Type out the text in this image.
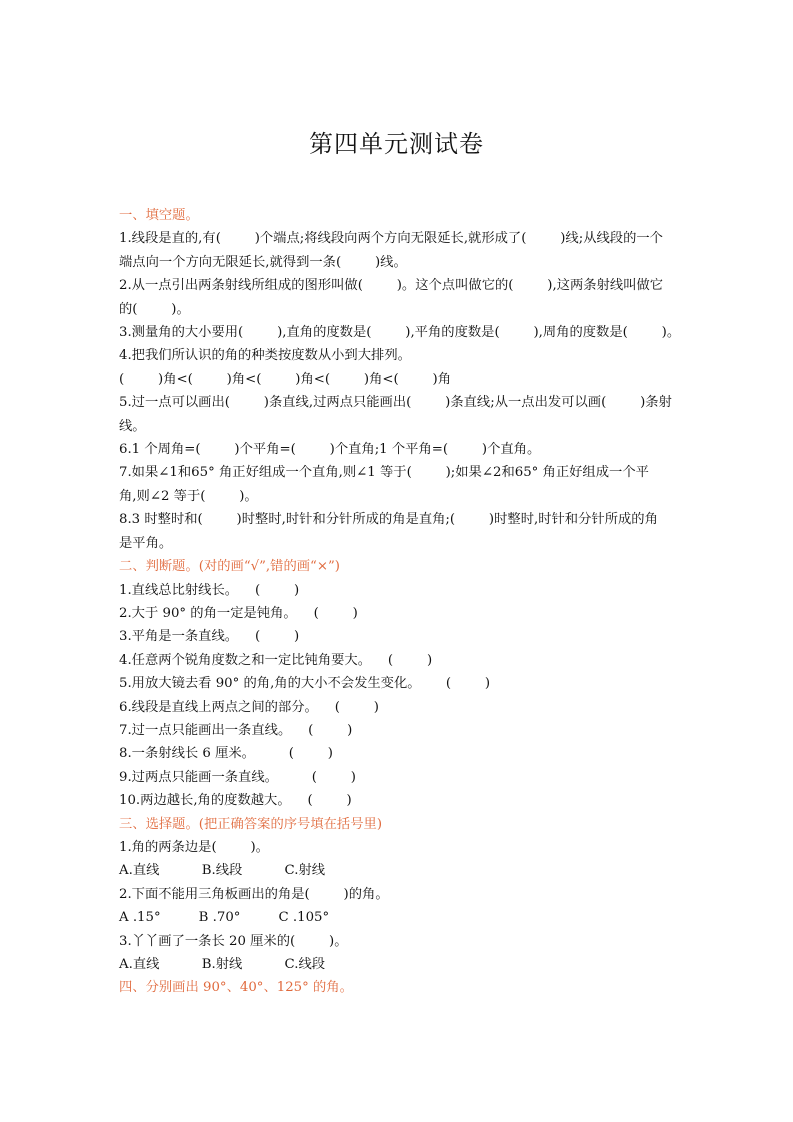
第四单元测试卷
一、填空题。
1.线段是直的,有(        )个端点;将线段向两个方向无限延长,就形成了(        )线;从线段的一个
端点向一个方向无限延长,就得到一条(        )线。
2.从一点引出两条射线所组成的图形叫做(        )。这个点叫做它的(        ),这两条射线叫做它
的(        )。
3.测量角的大小要用(        ),直角的度数是(        ),平角的度数是(        ),周角的度数是(        )。
4.把我们所认识的角的种类按度数从小到大排列。
(        )角<(        )角<(        )角<(        )角<(        )角
5.过一点可以画出(        )条直线,过两点只能画出(        )条直线;从一点出发可以画(        )条射
线。
6.1 个周角=(        )个平角=(        )个直角;1 个平角=(        )个直角。
7.如果∠1和65° 角正好组成一个直角,则∠1 等于(        );如果∠2和65° 角正好组成一个平
角,则∠2 等于(        )。
8.3 时整时和(        )时整时,时针和分针所成的角是直角;(        )时整时,时针和分针所成的角
是平角。
二、判断题。(对的画“√”,错的画“×”)
1.直线总比射线长。    (        )
2.大于 90° 的角一定是钝角。    (        )
3.平角是一条直线。    (        )
4.任意两个锐角度数之和一定比钝角要大。    (        )
5.用放大镜去看 90° 的角,角的大小不会发生变化。      (        )
6.线段是直线上两点之间的部分。    (        )
7.过一点只能画出一条直线。    (        )
8.一条射线长 6 厘米。        (        )
9.过两点只能画一条直线。        (        )
10.两边越长,角的度数越大。    (        )
三、选择题。(把正确答案的序号填在括号里)
1.角的两条边是(        )。
A.直线          B.线段          C.射线
2.下面不能用三角板画出的角是(        )的角。
A .15°         B .70°         C .105°
3.丫丫画了一条长 20 厘米的(        )。
A.直线          B.射线          C.线段
四、分别画出 90°、40°、125° 的角。
